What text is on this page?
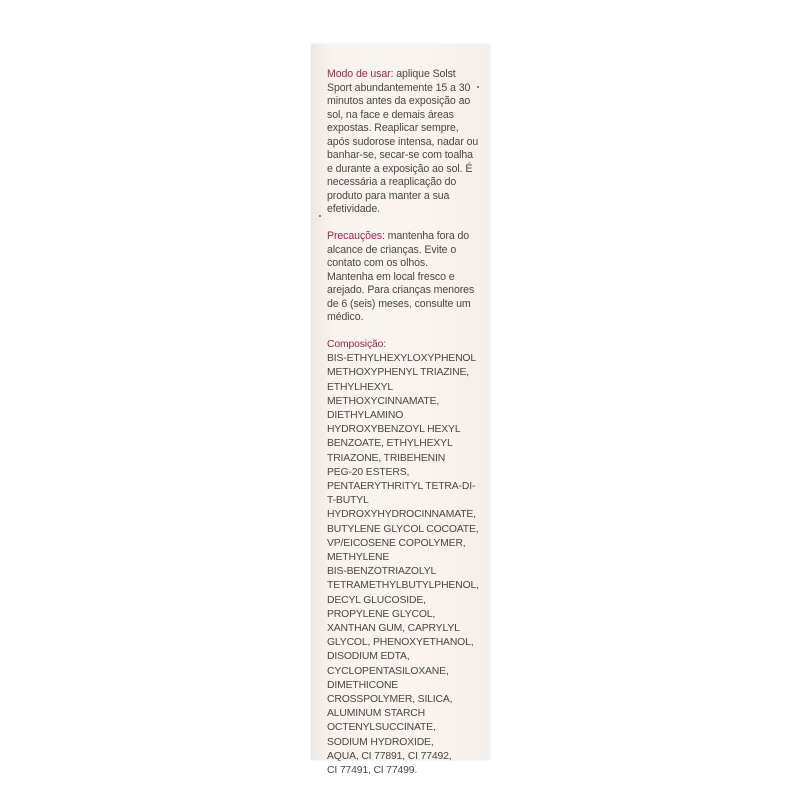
Modo de usar: aplique Solst
Sport abundantemente 15 a 30
minutos antes da exposição ao
sol, na face e demais áreas
expostas. Reaplicar sempre,
após sudorose intensa, nadar ou
banhar-se, secar-se com toalha
e durante a exposição ao sol. É
necessária a reaplicação do
produto para manter a sua
efetividade.
Precauções: mantenha fora do
alcance de crianças. Evite o
contato com os olhos.
Mantenha em local fresco e
arejado. Para crianças menores
de 6 (seis) meses, consulte um
médico.
Composição:
BIS-ETHYLHEXYLOXYPHENOL
METHOXYPHENYL TRIAZINE,
ETHYLHEXYL
METHOXYCINNAMATE,
DIETHYLAMINO
HYDROXYBENZOYL HEXYL
BENZOATE, ETHYLHEXYL
TRIAZONE, TRIBEHENIN
PEG-20 ESTERS,
PENTAERYTHRITYL TETRA-DI-
T-BUTYL
HYDROXYHYDROCINNAMATE,
BUTYLENE GLYCOL COCOATE,
VP/EICOSENE COPOLYMER,
METHYLENE
BIS-BENZOTRIAZOLYL
TETRAMETHYLBUTYLPHENOL,
DECYL GLUCOSIDE,
PROPYLENE GLYCOL,
XANTHAN GUM, CAPRYLYL
GLYCOL, PHENOXYETHANOL,
DISODIUM EDTA,
CYCLOPENTASILOXANE,
DIMETHICONE
CROSSPOLYMER, SILICA,
ALUMINUM STARCH
OCTENYLSUCCINATE,
SODIUM HYDROXIDE,
AQUA, CI 77891, CI 77492,
CI 77491, CI 77499.
